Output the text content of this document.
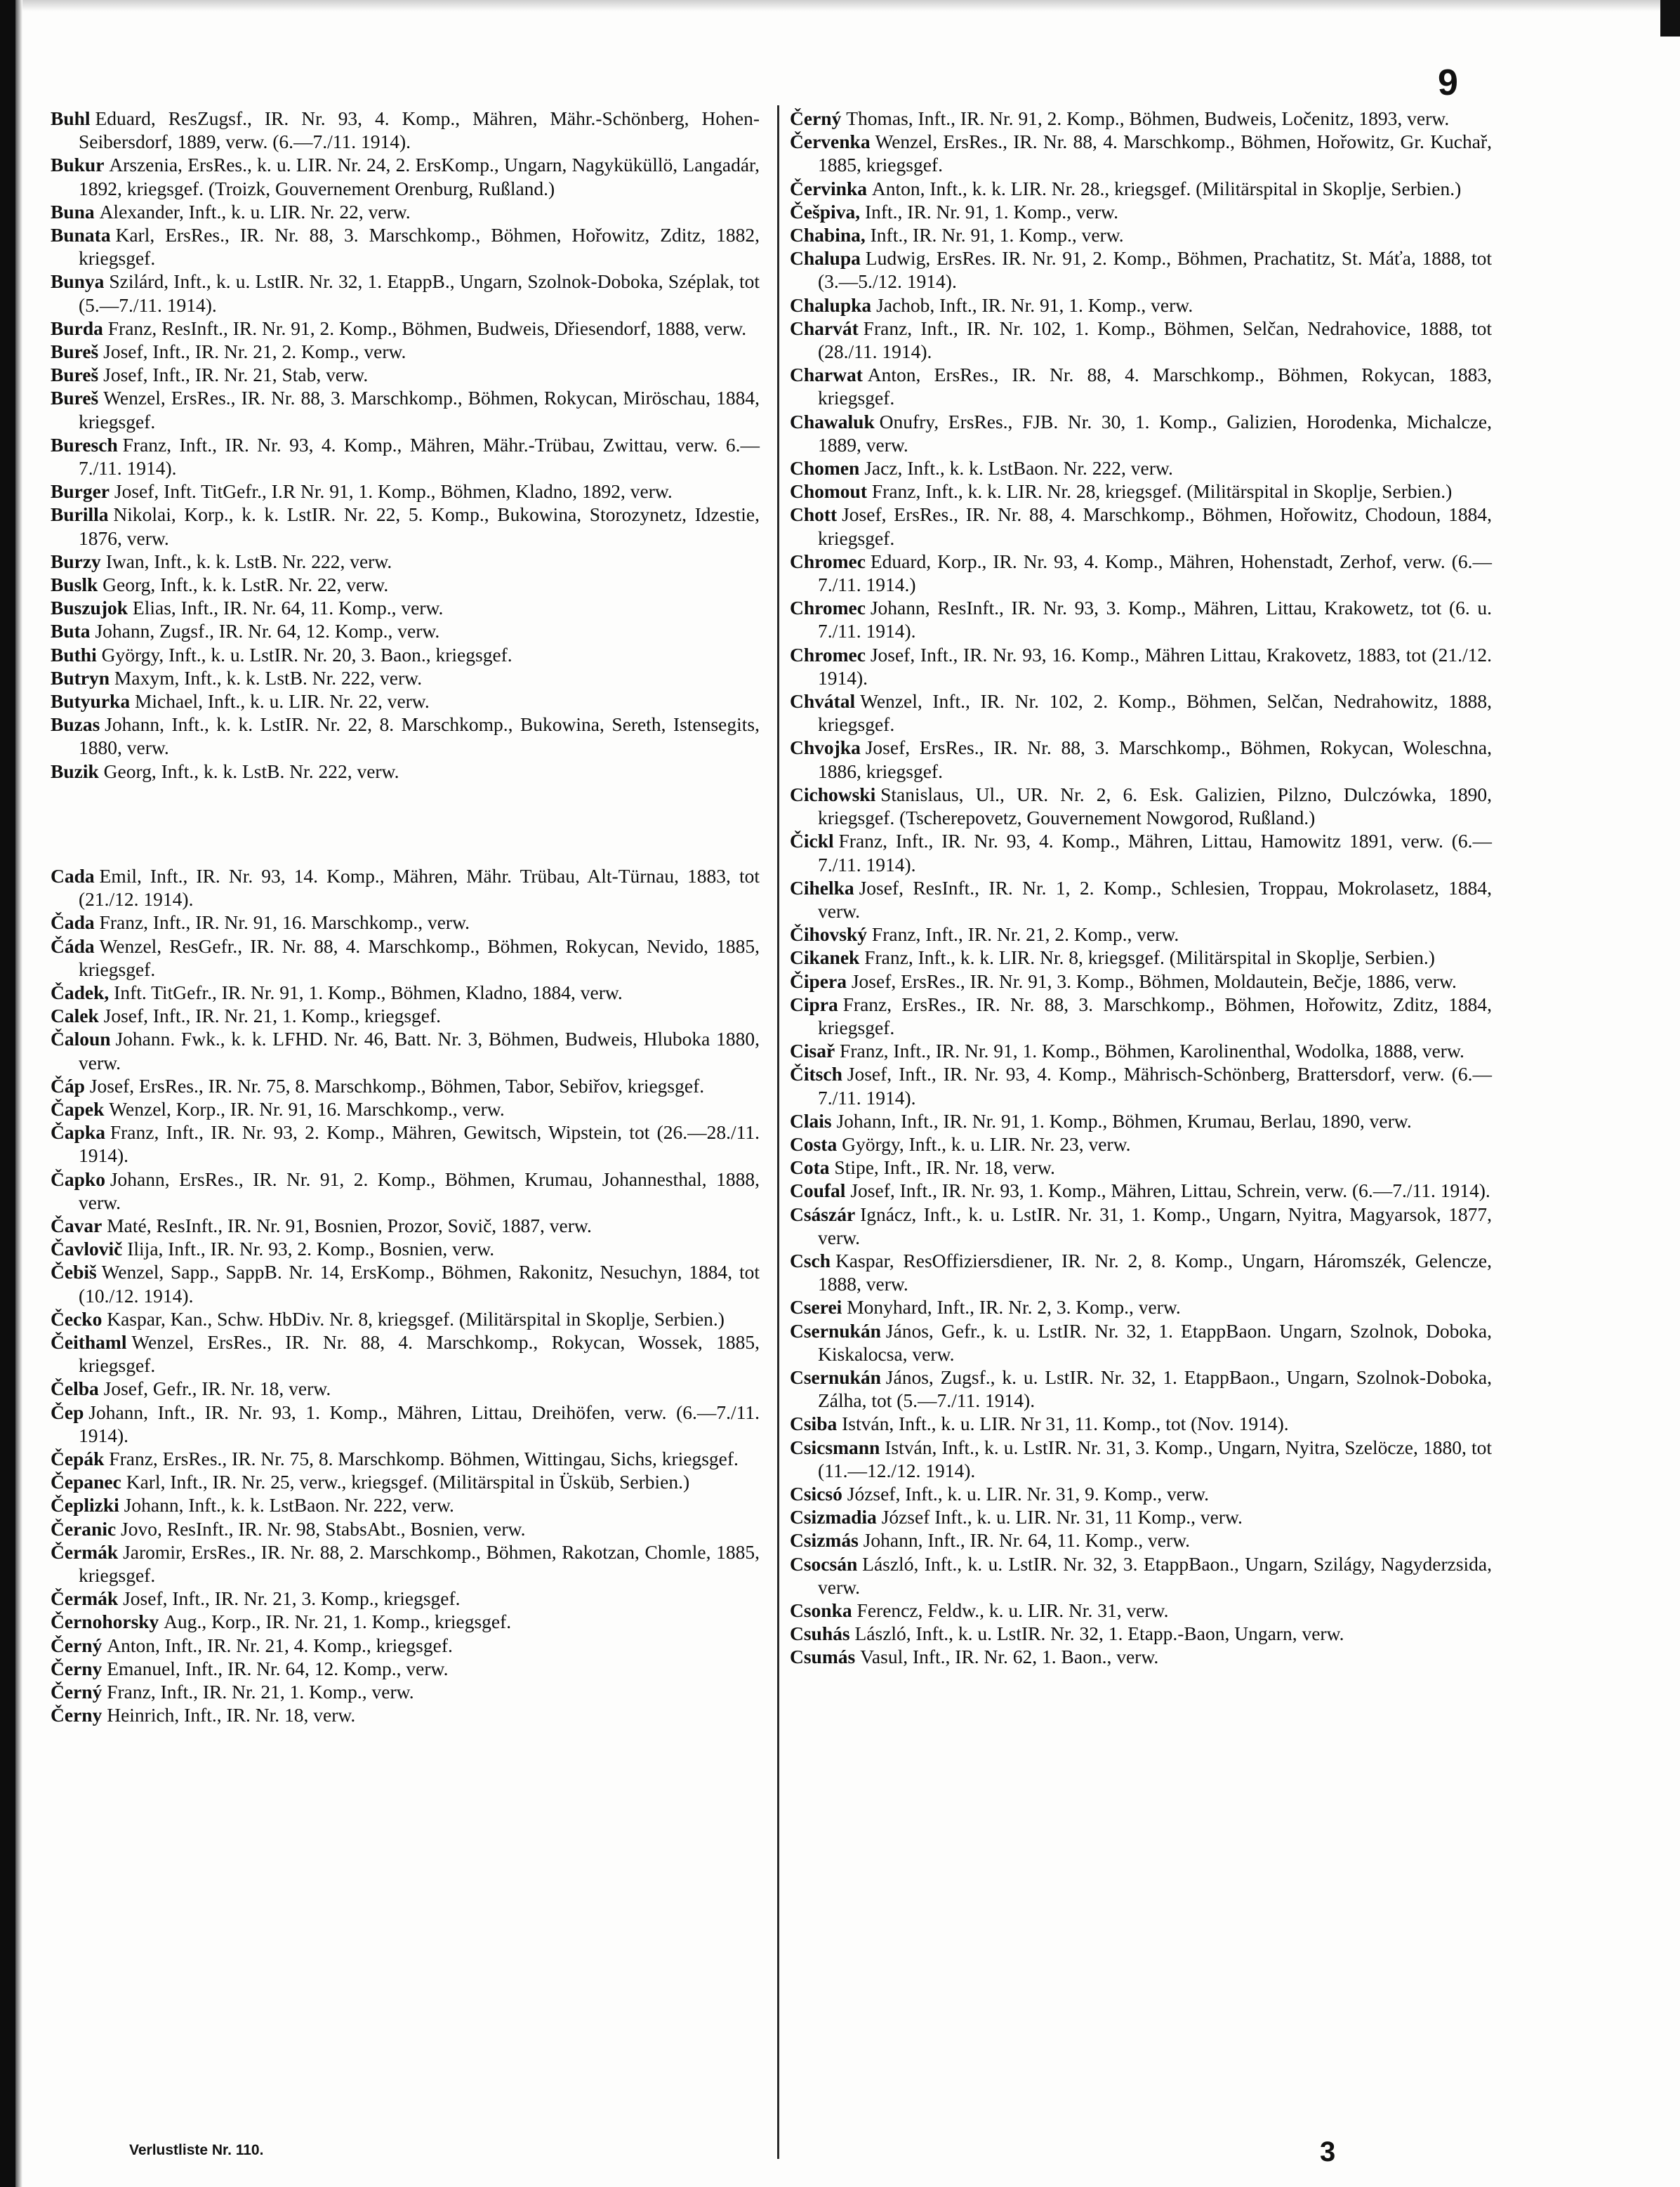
9

Buhl Eduard, ResZugsf., IR. Nr. 93, 4. Komp., Mähren, Mähr.-Schönberg, Hohen-Seibersdorf, 1889, verw. (6.—7./11. 1914).

Bukur Arszenia, ErsRes., k. u. LIR. Nr. 24, 2. ErsKomp., Ungarn, Nagyküküllö, Langadár, 1892, kriegsgef. (Troizk, Gouvernement Orenburg, Rußland.)

Buna Alexander, Inft., k. u. LIR. Nr. 22, verw.

Bunata Karl, ErsRes., IR. Nr. 88, 3. Marschkomp., Böhmen, Hořowitz, Zditz, 1882, kriegsgef.

Bunya Szilárd, Inft., k. u. LstIR. Nr. 32, 1. EtappB., Ungarn, Szolnok-Doboka, Széplak, tot (5.—7./11. 1914).

Burda Franz, ResInft., IR. Nr. 91, 2. Komp., Böhmen, Budweis, Dřiesendorf, 1888, verw.

Bureš Josef, Inft., IR. Nr. 21, 2. Komp., verw.

Bureš Josef, Inft., IR. Nr. 21, Stab, verw.

Bureš Wenzel, ErsRes., IR. Nr. 88, 3. Marschkomp., Böhmen, Rokycan, Miröschau, 1884, kriegsgef.

Buresch Franz, Inft., IR. Nr. 93, 4. Komp., Mähren, Mähr.-Trübau, Zwittau, verw. 6.—7./11. 1914).

Burger Josef, Inft. TitGefr., I.R Nr. 91, 1. Komp., Böhmen, Kladno, 1892, verw.

Burilla Nikolai, Korp., k. k. LstIR. Nr. 22, 5. Komp., Bukowina, Storozynetz, Idzestie, 1876, verw.

Burzy Iwan, Inft., k. k. LstB. Nr. 222, verw.

Buslk Georg, Inft., k. k. LstR. Nr. 22, verw.

Buszujok Elias, Inft., IR. Nr. 64, 11. Komp., verw.

Buta Johann, Zugsf., IR. Nr. 64, 12. Komp., verw.

Buthi György, Inft., k. u. LstIR. Nr. 20, 3. Baon., kriegsgef.

Butryn Maxym, Inft., k. k. LstB. Nr. 222, verw.

Butyurka Michael, Inft., k. u. LIR. Nr. 22, verw.

Buzas Johann, Inft., k. k. LstIR. Nr. 22, 8. Marschkomp., Bukowina, Sereth, Istensegits, 1880, verw.

Buzik Georg, Inft., k. k. LstB. Nr. 222, verw.

Cada Emil, Inft., IR. Nr. 93, 14. Komp., Mähren, Mähr. Trübau, Alt-Türnau, 1883, tot (21./12. 1914).

Čada Franz, Inft., IR. Nr. 91, 16. Marschkomp., verw.

Čáda Wenzel, ResGefr., IR. Nr. 88, 4. Marschkomp., Böhmen, Rokycan, Nevido, 1885, kriegsgef.

Čadek, Inft. TitGefr., IR. Nr. 91, 1. Komp., Böhmen, Kladno, 1884, verw.

Calek Josef, Inft., IR. Nr. 21, 1. Komp., kriegsgef.

Čaloun Johann. Fwk., k. k. LFHD. Nr. 46, Batt. Nr. 3, Böhmen, Budweis, Hluboka 1880, verw.

Čáp Josef, ErsRes., IR. Nr. 75, 8. Marschkomp., Böhmen, Tabor, Sebiřov, kriegsgef.

Čapek Wenzel, Korp., IR. Nr. 91, 16. Marschkomp., verw.

Čapka Franz, Inft., IR. Nr. 93, 2. Komp., Mähren, Gewitsch, Wipstein, tot (26.—28./11. 1914).

Čapko Johann, ErsRes., IR. Nr. 91, 2. Komp., Böhmen, Krumau, Johannesthal, 1888, verw.

Čavar Maté, ResInft., IR. Nr. 91, Bosnien, Prozor, Sovič, 1887, verw.

Čavlovič Ilija, Inft., IR. Nr. 93, 2. Komp., Bosnien, verw.

Čebiš Wenzel, Sapp., SappB. Nr. 14, ErsKomp., Böhmen, Rakonitz, Nesuchyn, 1884, tot (10./12. 1914).

Čecko Kaspar, Kan., Schw. HbDiv. Nr. 8, kriegsgef. (Militärspital in Skoplje, Serbien.)

Čeithaml Wenzel, ErsRes., IR. Nr. 88, 4. Marschkomp., Rokycan, Wossek, 1885, kriegsgef.

Čelba Josef, Gefr., IR. Nr. 18, verw.

Čep Johann, Inft., IR. Nr. 93, 1. Komp., Mähren, Littau, Dreihöfen, verw. (6.—7./11. 1914).

Čepák Franz, ErsRes., IR. Nr. 75, 8. Marschkomp. Böhmen, Wittingau, Sichs, kriegsgef.

Čepanec Karl, Inft., IR. Nr. 25, verw., kriegsgef. (Militärspital in Üsküb, Serbien.)

Čeplizki Johann, Inft., k. k. LstBaon. Nr. 222, verw.

Čeranic Jovo, ResInft., IR. Nr. 98, StabsAbt., Bosnien, verw.

Čermák Jaromir, ErsRes., IR. Nr. 88, 2. Marschkomp., Böhmen, Rakotzan, Chomle, 1885, kriegsgef.

Čermák Josef, Inft., IR. Nr. 21, 3. Komp., kriegsgef.

Černohorsky Aug., Korp., IR. Nr. 21, 1. Komp., kriegsgef.

Černý Anton, Inft., IR. Nr. 21, 4. Komp., kriegsgef.

Černy Emanuel, Inft., IR. Nr. 64, 12. Komp., verw.

Černý Franz, Inft., IR. Nr. 21, 1. Komp., verw.

Černy Heinrich, Inft., IR. Nr. 18, verw.

Černý Thomas, Inft., IR. Nr. 91, 2. Komp., Böhmen, Budweis, Ločenitz, 1893, verw.

Červenka Wenzel, ErsRes., IR. Nr. 88, 4. Marschkomp., Böhmen, Hořowitz, Gr. Kuchař, 1885, kriegsgef.

Červinka Anton, Inft., k. k. LIR. Nr. 28., kriegsgef. (Militärspital in Skoplje, Serbien.)

Češpiva, Inft., IR. Nr. 91, 1. Komp., verw.

Chabina, Inft., IR. Nr. 91, 1. Komp., verw.

Chalupa Ludwig, ErsRes. IR. Nr. 91, 2. Komp., Böhmen, Prachatitz, St. Máťa, 1888, tot (3.—5./12. 1914).

Chalupka Jachob, Inft., IR. Nr. 91, 1. Komp., verw.

Charvát Franz, Inft., IR. Nr. 102, 1. Komp., Böhmen, Selčan, Nedrahovice, 1888, tot (28./11. 1914).

Charwat Anton, ErsRes., IR. Nr. 88, 4. Marschkomp., Böhmen, Rokycan, 1883, kriegsgef.

Chawaluk Onufry, ErsRes., FJB. Nr. 30, 1. Komp., Galizien, Horodenka, Michalcze, 1889, verw.

Chomen Jacz, Inft., k. k. LstBaon. Nr. 222, verw.

Chomout Franz, Inft., k. k. LIR. Nr. 28, kriegsgef. (Militärspital in Skoplje, Serbien.)

Chott Josef, ErsRes., IR. Nr. 88, 4. Marschkomp., Böhmen, Hořowitz, Chodoun, 1884, kriegsgef.

Chromec Eduard, Korp., IR. Nr. 93, 4. Komp., Mähren, Hohenstadt, Zerhof, verw. (6.—7./11. 1914.)

Chromec Johann, ResInft., IR. Nr. 93, 3. Komp., Mähren, Littau, Krakowetz, tot (6. u. 7./11. 1914).

Chromec Josef, Inft., IR. Nr. 93, 16. Komp., Mähren Littau, Krakovetz, 1883, tot (21./12. 1914).

Chvátal Wenzel, Inft., IR. Nr. 102, 2. Komp., Böhmen, Selčan, Nedrahowitz, 1888, kriegsgef.

Chvojka Josef, ErsRes., IR. Nr. 88, 3. Marschkomp., Böhmen, Rokycan, Woleschna, 1886, kriegsgef.

Cichowski Stanislaus, Ul., UR. Nr. 2, 6. Esk. Galizien, Pilzno, Dulczówka, 1890, kriegsgef. (Tscherepovetz, Gouvernement Nowgorod, Rußland.)

Čickl Franz, Inft., IR. Nr. 93, 4. Komp., Mähren, Littau, Hamowitz 1891, verw. (6.—7./11. 1914).

Cihelka Josef, ResInft., IR. Nr. 1, 2. Komp., Schlesien, Troppau, Mokrolasetz, 1884, verw.

Čihovský Franz, Inft., IR. Nr. 21, 2. Komp., verw.

Cikanek Franz, Inft., k. k. LIR. Nr. 8, kriegsgef. (Militärspital in Skoplje, Serbien.)

Čipera Josef, ErsRes., IR. Nr. 91, 3. Komp., Böhmen, Moldautein, Bečje, 1886, verw.

Cipra Franz, ErsRes., IR. Nr. 88, 3. Marschkomp., Böhmen, Hořowitz, Zditz, 1884, kriegsgef.

Cisař Franz, Inft., IR. Nr. 91, 1. Komp., Böhmen, Karolinenthal, Wodolka, 1888, verw.

Čitsch Josef, Inft., IR. Nr. 93, 4. Komp., Mährisch-Schönberg, Brattersdorf, verw. (6.—7./11. 1914).

Clais Johann, Inft., IR. Nr. 91, 1. Komp., Böhmen, Krumau, Berlau, 1890, verw.

Costa György, Inft., k. u. LIR. Nr. 23, verw.

Cota Stipe, Inft., IR. Nr. 18, verw.

Coufal Josef, Inft., IR. Nr. 93, 1. Komp., Mähren, Littau, Schrein, verw. (6.—7./11. 1914).

Császár Ignácz, Inft., k. u. LstIR. Nr. 31, 1. Komp., Ungarn, Nyitra, Magyarsok, 1877, verw.

Csch Kaspar, ResOffiziersdiener, IR. Nr. 2, 8. Komp., Ungarn, Háromszék, Gelencze, 1888, verw.

Cserei Monyhard, Inft., IR. Nr. 2, 3. Komp., verw.

Csernukán János, Gefr., k. u. LstIR. Nr. 32, 1. EtappBaon. Ungarn, Szolnok, Doboka, Kiskalocsa, verw.

Csernukán János, Zugsf., k. u. LstIR. Nr. 32, 1. EtappBaon., Ungarn, Szolnok-Doboka, Zálha, tot (5.—7./11. 1914).

Csiba István, Inft., k. u. LIR. Nr 31, 11. Komp., tot (Nov. 1914).

Csicsmann István, Inft., k. u. LstIR. Nr. 31, 3. Komp., Ungarn, Nyitra, Szelöcze, 1880, tot (11.—12./12. 1914).

Csicsó József, Inft., k. u. LIR. Nr. 31, 9. Komp., verw.

Csizmadia József Inft., k. u. LIR. Nr. 31, 11 Komp., verw.

Csizmás Johann, Inft., IR. Nr. 64, 11. Komp., verw.

Csocsán László, Inft., k. u. LstIR. Nr. 32, 3. EtappBaon., Ungarn, Szilágy, Nagyderzsida, verw.

Csonka Ferencz, Feldw., k. u. LIR. Nr. 31, verw.

Csuhás László, Inft., k. u. LstIR. Nr. 32, 1. Etapp.-Baon, Ungarn, verw.

Csumás Vasul, Inft., IR. Nr. 62, 1. Baon., verw.

Verlustliste Nr. 110.	3
